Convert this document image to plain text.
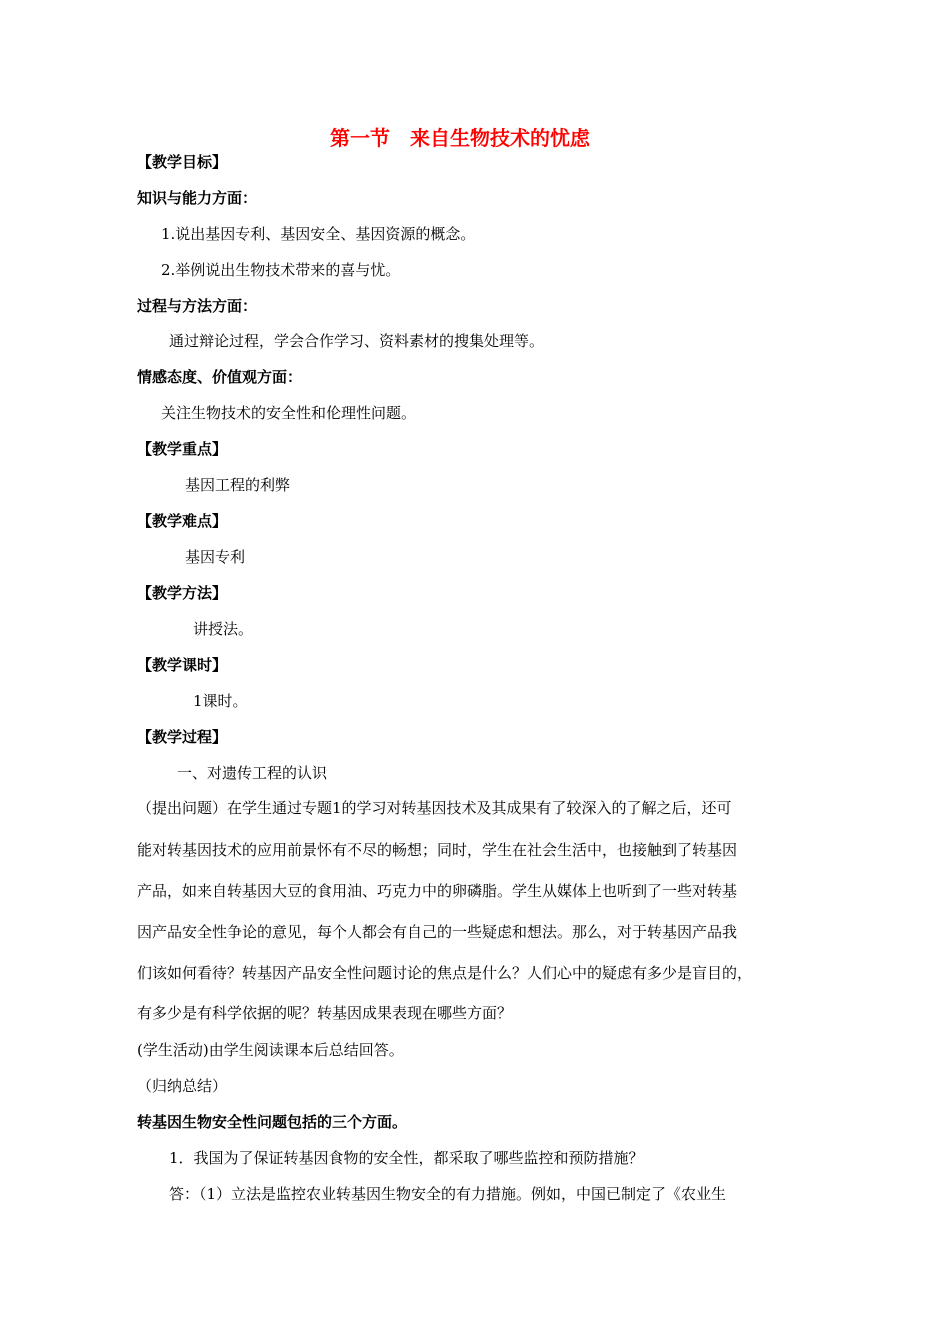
第一节　来自生物技术的忧虑
【教学目标】
知识与能力方面：
1.说出基因专利、基因安全、基因资源的概念。
2.举例说出生物技术带来的喜与忧。
过程与方法方面：
通过辩论过程，学会合作学习、资料素材的搜集处理等。
情感态度、价值观方面：
关注生物技术的安全性和伦理性问题。
【教学重点】
基因工程的利弊
【教学难点】
基因专利
【教学方法】
讲授法。
【教学课时】
1课时。
【教学过程】
一、对遗传工程的认识
（提出问题）在学生通过专题1的学习对转基因技术及其成果有了较深入的了解之后，还可
能对转基因技术的应用前景怀有不尽的畅想；同时，学生在社会生活中，也接触到了转基因
产品，如来自转基因大豆的食用油、巧克力中的卵磷脂。学生从媒体上也听到了一些对转基
因产品安全性争论的意见，每个人都会有自己的一些疑虑和想法。那么，对于转基因产品我
们该如何看待？转基因产品安全性问题讨论的焦点是什么？人们心中的疑虑有多少是盲目的，
有多少是有科学依据的呢？转基因成果表现在哪些方面？
(学生活动)由学生阅读课本后总结回答。
（归纳总结）
转基因生物安全性问题包括的三个方面。
1．我国为了保证转基因食物的安全性，都采取了哪些监控和预防措施？
答：（1）立法是监控农业转基因生物安全的有力措施。例如，中国已制定了《农业生
